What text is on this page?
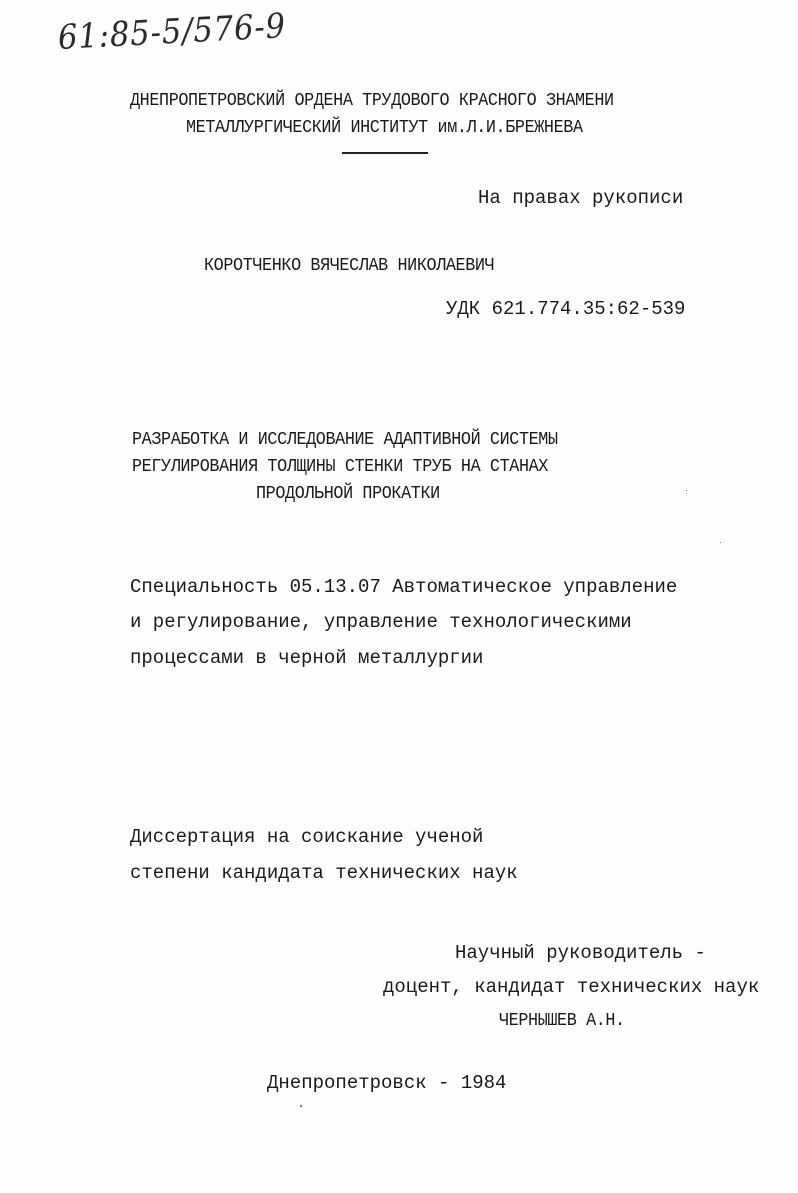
61:85-5/576-9
ДНЕПРОПЕТРОВСКИЙ ОРДЕНА ТРУДОВОГО КРАСНОГО ЗНАМЕНИ
МЕТАЛЛУРГИЧЕСКИЙ ИНСТИТУТ им.Л.И.БРЕЖНЕВА
На правах рукописи
КОРОТЧЕНКО ВЯЧЕСЛАВ НИКОЛАЕВИЧ
УДК 621.774.35:62-539
РАЗРАБОТКА И ИССЛЕДОВАНИЕ АДАПТИВНОЙ СИСТЕМЫ
РЕГУЛИРОВАНИЯ ТОЛЩИНЫ СТЕНКИ ТРУБ НА СТАНАХ
ПРОДОЛЬНОЙ ПРОКАТКИ
Специальность 05.13.07 Автоматическое управление
и регулирование, управление технологическими
процессами в черной металлургии
Диссертация на соискание ученой
степени кандидата технических наук
Научный руководитель -
доцент, кандидат технических наук
ЧЕРНЫШЕВ А.Н.
Днепропетровск - 1984
